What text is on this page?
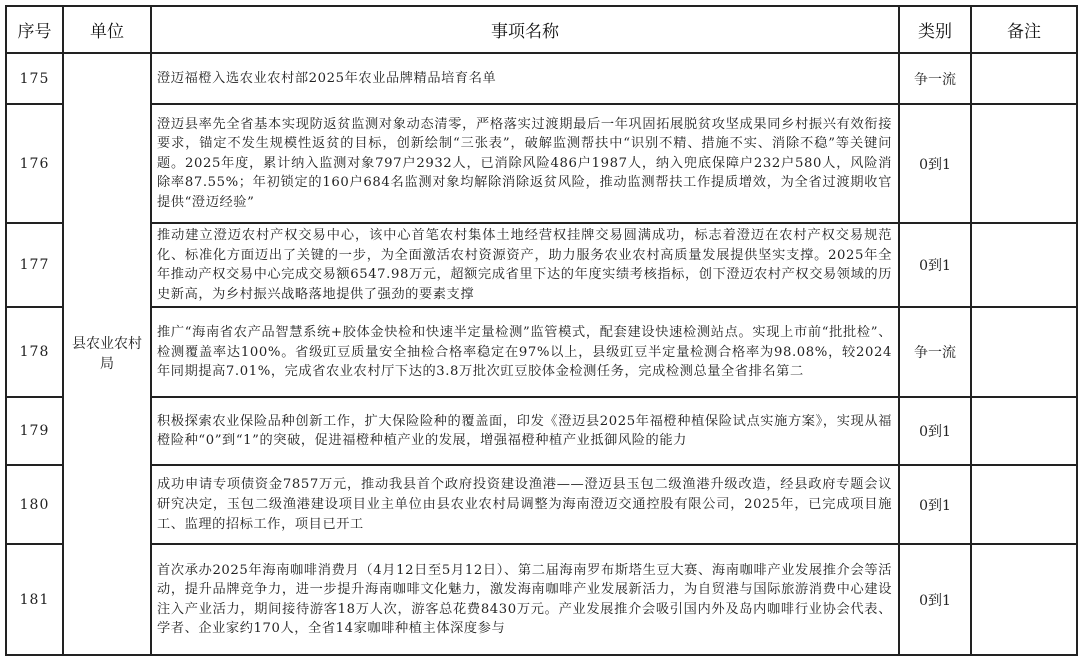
序号	单位	事项名称	类别	备注
175	县农业农村局	澄迈福橙入选农业农村部2025年农业品牌精品培育名单	争一流	
176		澄迈县率先全省基本实现防返贫监测对象动态清零，严格落实过渡期最后一年巩固拓展脱贫攻坚成果同乡村振兴有效衔接要求，锚定不发生规模性返贫的目标，创新绘制“三张表”，破解监测帮扶中“识别不精、措施不实、消除不稳”等关键问题。2025年度，累计纳入监测对象797户2932人，已消除风险486户1987人，纳入兜底保障户232户580人，风险消除率87.55%；年初锁定的160户684名监测对象均解除消除返贫风险，推动监测帮扶工作提质增效，为全省过渡期收官提供“澄迈经验”	0到1	
177		推动建立澄迈农村产权交易中心，该中心首笔农村集体土地经营权挂牌交易圆满成功，标志着澄迈在农村产权交易规范化、标准化方面迈出了关键的一步，为全面激活农村资源资产，助力服务农业农村高质量发展提供坚实支撑。2025年全年推动产权交易中心完成交易额6547.98万元，超额完成省里下达的年度实绩考核指标，创下澄迈农村产权交易领域的历史新高，为乡村振兴战略落地提供了强劲的要素支撑	0到1	
178		推广“海南省农产品智慧系统+胶体金快检和快速半定量检测”监管模式，配套建设快速检测站点。实现上市前“批批检”、检测覆盖率达100%。省级豇豆质量安全抽检合格率稳定在97%以上，县级豇豆半定量检测合格率为98.08%，较2024年同期提高7.01%，完成省农业农村厅下达的3.8万批次豇豆胶体金检测任务，完成检测总量全省排名第二	争一流	
179		积极探索农业保险品种创新工作，扩大保险险种的覆盖面，印发《澄迈县2025年福橙种植保险试点实施方案》，实现从福橙险种“0”到“1”的突破，促进福橙种植产业的发展，增强福橙种植产业抵御风险的能力	0到1	
180		成功申请专项债资金7857万元，推动我县首个政府投资建设渔港——澄迈县玉包二级渔港升级改造，经县政府专题会议研究决定，玉包二级渔港建设项目业主单位由县农业农村局调整为海南澄迈交通控股有限公司，2025年，已完成项目施工、监理的招标工作，项目已开工	0到1	
181		首次承办2025年海南咖啡消费月（4月12日至5月12日）、第二届海南罗布斯塔生豆大赛、海南咖啡产业发展推介会等活动，提升品牌竞争力，进一步提升海南咖啡文化魅力，激发海南咖啡产业发展新活力，为自贸港与国际旅游消费中心建设注入产业活力，期间接待游客18万人次，游客总花费8430万元。产业发展推介会吸引国内外及岛内咖啡行业协会代表、学者、企业家约170人，全省14家咖啡种植主体深度参与	0到1	
